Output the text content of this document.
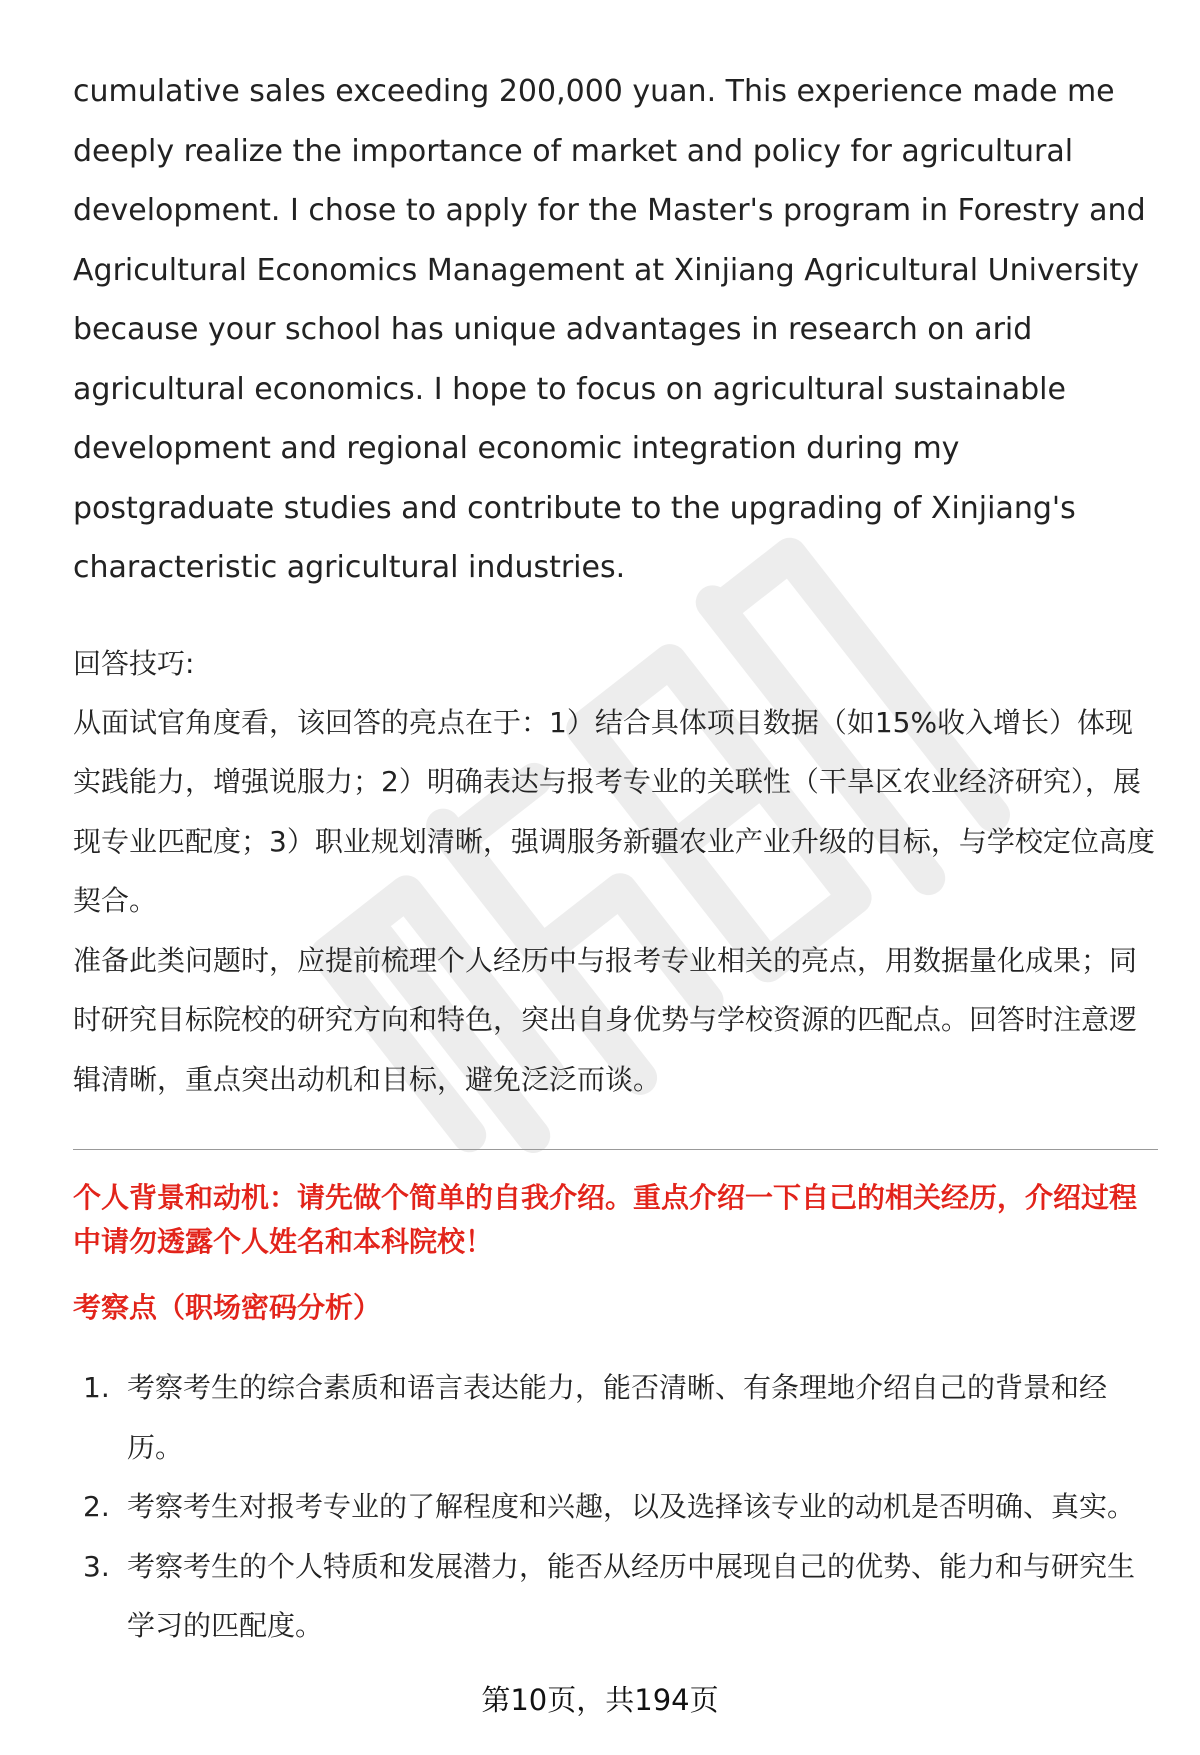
cumulative sales exceeding 200,000 yuan. This experience made me deeply realize the importance of market and policy for agricultural development. I chose to apply for the Master's program in Forestry and Agricultural Economics Management at Xinjiang Agricultural University because your school has unique advantages in research on arid agricultural economics. I hope to focus on agricultural sustainable development and regional economic integration during my postgraduate studies and contribute to the upgrading of Xinjiang's characteristic agricultural industries.

回答技巧:

从面试官角度看，该回答的亮点在于：1）结合具体项目数据（如15%收入增长）体现实践能力，增强说服力；2）明确表达与报考专业的关联性（干旱区农业经济研究），展现专业匹配度；3）职业规划清晰，强调服务新疆农业产业升级的目标，与学校定位高度契合。

准备此类问题时，应提前梳理个人经历中与报考专业相关的亮点，用数据量化成果；同时研究目标院校的研究方向和特色，突出自身优势与学校资源的匹配点。回答时注意逻辑清晰，重点突出动机和目标，避免泛泛而谈。

个人背景和动机：请先做个简单的自我介绍。重点介绍一下自己的相关经历，介绍过程中请勿透露个人姓名和本科院校！

考察点（职场密码分析）

1. 考察考生的综合素质和语言表达能力，能否清晰、有条理地介绍自己的背景和经历。
2. 考察考生对报考专业的了解程度和兴趣，以及选择该专业的动机是否明确、真实。
3. 考察考生的个人特质和发展潜力，能否从经历中展现自己的优势、能力和与研究生学习的匹配度。
第10页，共194页
